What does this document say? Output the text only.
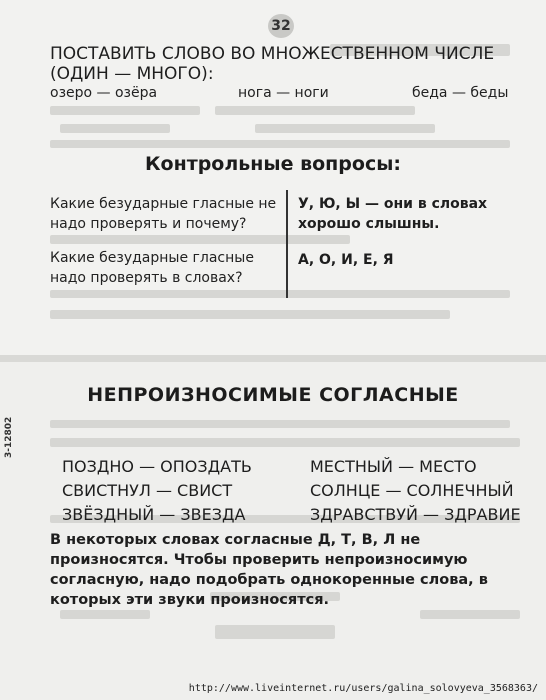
32
ПОСТАВИТЬ СЛОВО ВО МНОЖЕСТВЕННОМ ЧИСЛЕ
(ОДИН — МНОГО):
озеро — озёра	нога — ноги	беда — беды
Контрольные вопросы:
Какие безударные гласные не надо проверять и почему?
У, Ю, Ы — они в словах хорошо слышны.
Какие безударные гласные надо проверять в словах?
А, О, И, Е, Я
3-12802
НЕПРОИЗНОСИМЫЕ СОГЛАСНЫЕ
ПОЗДНО — ОПОЗДАТЬ
СВИСТНУЛ — СВИСТ
ЗВЁЗДНЫЙ — ЗВЕЗДА
МЕСТНЫЙ — МЕСТО
СОЛНЦЕ — СОЛНЕЧНЫЙ
ЗДРАВСТВУЙ — ЗДРАВИЕ
В некоторых словах согласные Д, Т, В, Л не произносятся. Чтобы проверить непроизносимую согласную, надо подобрать однокоренные слова, в которых эти звуки произносятся.
http://www.liveinternet.ru/users/galina_solovyeva_3568363/
